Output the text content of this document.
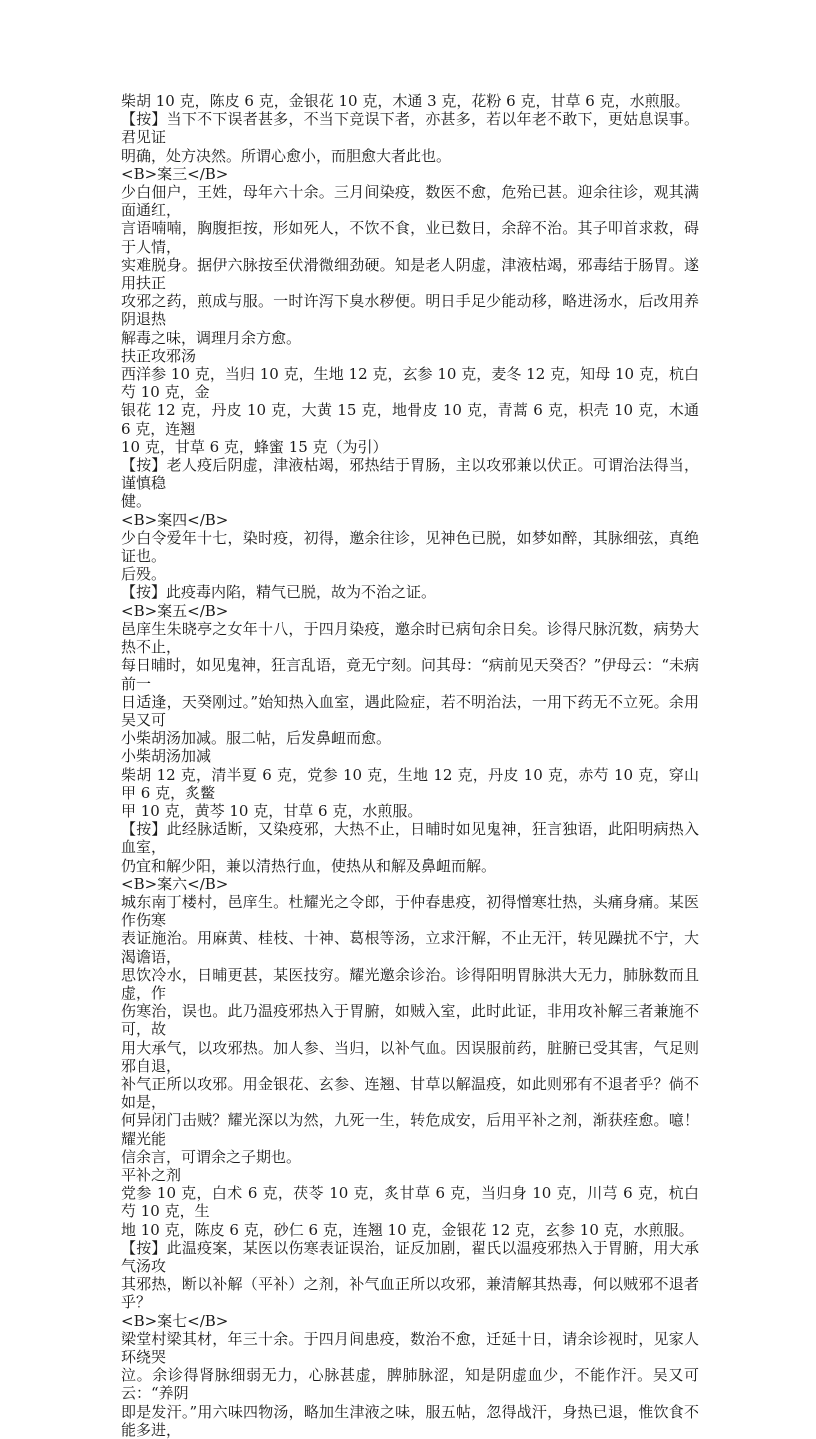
柴胡 10 克，陈皮 6 克，金银花 10 克，木通 3 克，花粉 6 克，甘草 6 克，水煎服。
【按】当下不下误者甚多，不当下竞误下者，亦甚多，若以年老不敢下，更姑息误事。君见证
明确，处方决然。所谓心愈小，而胆愈大者此也。
<B>案三</B>
少白佃户，王姓，母年六十余。三月间染疫，数医不愈，危殆已甚。迎余往诊，观其满面通红，
言语喃喃，胸腹拒按，形如死人，不饮不食，业已数日，余辞不治。其子叩首求救，碍于人情，
实难脱身。据伊六脉按至伏滑微细劲硬。知是老人阴虚，津液枯竭，邪毒结于肠胃。遂用扶正
攻邪之药，煎成与服。一时许泻下臭水秽便。明日手足少能动移，略进汤水，后改用养阴退热
解毒之味，调理月余方愈。
扶正攻邪汤
西洋参 10 克，当归 10 克，生地 12 克，玄参 10 克，麦冬 12 克，知母 10 克，杭白芍 10 克，金
银花 12 克，丹皮 10 克，大黄 15 克，地骨皮 10 克，青蒿 6 克，枳壳 10 克，木通 6 克，连翘
10 克，甘草 6 克，蜂蜜 15 克（为引）
【按】老人疫后阴虚，津液枯竭，邪热结于胃肠，主以攻邪兼以伏正。可谓治法得当，谨慎稳
健。
<B>案四</B>
少白令爱年十七，染时疫，初得，邀余往诊，见神色已脱，如梦如醉，其脉细弦，真绝证也。
后殁。
【按】此疫毒内陷，精气已脱，故为不治之证。
<B>案五</B>
邑庠生朱晓亭之女年十八，于四月染疫，邀余时已病旬余日矣。诊得尺脉沉数，病势大热不止，
每日晡时，如见鬼神，狂言乱语，竟无宁刻。问其母：“病前见天癸否？”伊母云：“未病前一
日适逢，天癸刚过。”始知热入血室，遇此险症，若不明治法，一用下药无不立死。余用吴又可
小柴胡汤加减。服二帖，后发鼻衄而愈。
小柴胡汤加减
柴胡 12 克，清半夏 6 克，党参 10 克，生地 12 克，丹皮 10 克，赤芍 10 克，穿山甲 6 克，炙鳖
甲 10 克，黄芩 10 克，甘草 6 克，水煎服。
【按】此经脉适断，又染疫邪，大热不止，日晡时如见鬼神，狂言独语，此阳明病热入血室，
仍宜和解少阳，兼以清热行血，使热从和解及鼻衄而解。
<B>案六</B>
城东南丁楼村，邑庠生。杜耀光之令郎，于仲春患疫，初得憎寒壮热，头痛身痛。某医作伤寒
表证施治。用麻黄、桂枝、十神、葛根等汤，立求汗解，不止无汗，转见躁扰不宁，大渴谵语，
思饮冷水，日晡更甚，某医技穷。耀光邀余诊治。诊得阳明胃脉洪大无力，肺脉数而且虚，作
伤寒治，误也。此乃温疫邪热入于胃腑，如贼入室，此时此证，非用攻补解三者兼施不可，故
用大承气，以攻邪热。加人参、当归，以补气血。因误服前药，脏腑已受其害，气足则邪自退，
补气正所以攻邪。用金银花、玄参、连翘、甘草以解温疫，如此则邪有不退者乎？倘不如是，
何异闭门击贼？耀光深以为然，九死一生，转危成安，后用平补之剂，渐获痊愈。噫！耀光能
信余言，可谓余之子期也。
平补之剂
党参 10 克，白术 6 克，茯苓 10 克，炙甘草 6 克，当归身 10 克，川芎 6 克，杭白芍 10 克，生
地 10 克，陈皮 6 克，砂仁 6 克，连翘 10 克，金银花 12 克，玄参 10 克，水煎服。
【按】此温疫案，某医以伤寒表证误治，证反加剧，翟氏以温疫邪热入于胃腑，用大承气汤攻
其邪热，断以补解（平补）之剂，补气血正所以攻邪，兼清解其热毒，何以贼邪不退者乎？
<B>案七</B>
梁堂村梁其材，年三十余。于四月间患疫，数治不愈，迁延十日，请余诊视时，见家人环绕哭
泣。余诊得肾脉细弱无力，心脉甚虚，脾肺脉涩，知是阴虚血少，不能作汗。吴又可云：“养阴
即是发汗。”用六味四物汤，略加生津液之味，服五帖，忽得战汗，身热已退，惟饮食不能多进，
